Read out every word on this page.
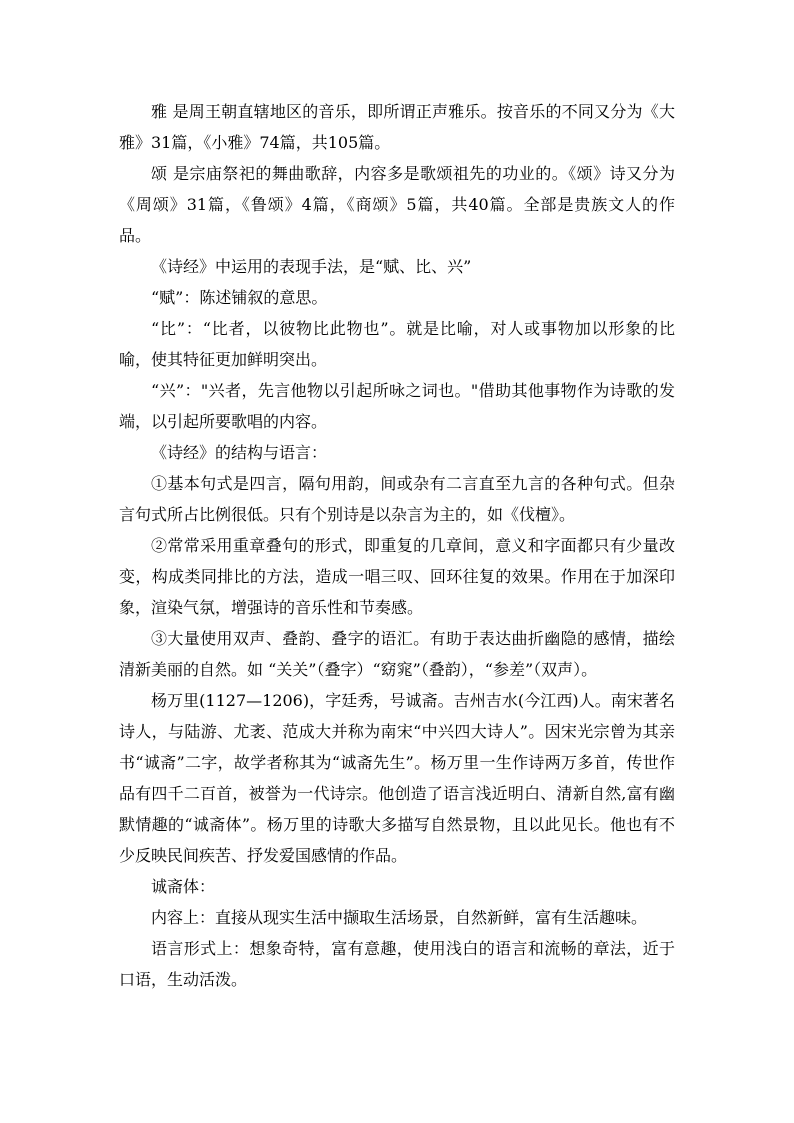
雅 是周王朝直辖地区的音乐，即所谓正声雅乐。按音乐的不同又分为《大雅》31篇，《小雅》74篇，共105篇。

颂 是宗庙祭祀的舞曲歌辞，内容多是歌颂祖先的功业的。《颂》诗又分为《周颂》31篇，《鲁颂》4篇，《商颂》5篇，共40篇。全部是贵族文人的作品。

《诗经》中运用的表现手法，是“赋、比、兴”

“赋”：陈述铺叙的意思。

“比”：“比者，以彼物比此物也”。就是比喻，对人或事物加以形象的比喻，使其特征更加鲜明突出。

“兴”："兴者，先言他物以引起所咏之词也。"借助其他事物作为诗歌的发端，以引起所要歌唱的内容。

《诗经》的结构与语言：

①基本句式是四言，隔句用韵，间或杂有二言直至九言的各种句式。但杂言句式所占比例很低。只有个别诗是以杂言为主的，如《伐檀》。

②常常采用重章叠句的形式，即重复的几章间，意义和字面都只有少量改变，构成类同排比的方法，造成一唱三叹、回环往复的效果。作用在于加深印象，渲染气氛，增强诗的音乐性和节奏感。

③大量使用双声、叠韵、叠字的语汇。有助于表达曲折幽隐的感情，描绘清新美丽的自然。如 “关关”（叠字）“窈窕”（叠韵），“参差”（双声）。

杨万里(1127—1206)，字廷秀，号诚斋。吉州吉水(今江西)人。南宋著名诗人，与陆游、尤袤、范成大并称为南宋“中兴四大诗人”。因宋光宗曾为其亲书“诚斋”二字，故学者称其为“诚斋先生”。杨万里一生作诗两万多首，传世作品有四千二百首，被誉为一代诗宗。他创造了语言浅近明白、清新自然,富有幽默情趣的“诚斋体”。杨万里的诗歌大多描写自然景物，且以此见长。他也有不少反映民间疾苦、抒发爱国感情的作品。

诚斋体：

内容上：直接从现实生活中撷取生活场景，自然新鲜，富有生活趣味。

语言形式上：想象奇特，富有意趣，使用浅白的语言和流畅的章法，近于口语，生动活泼。
